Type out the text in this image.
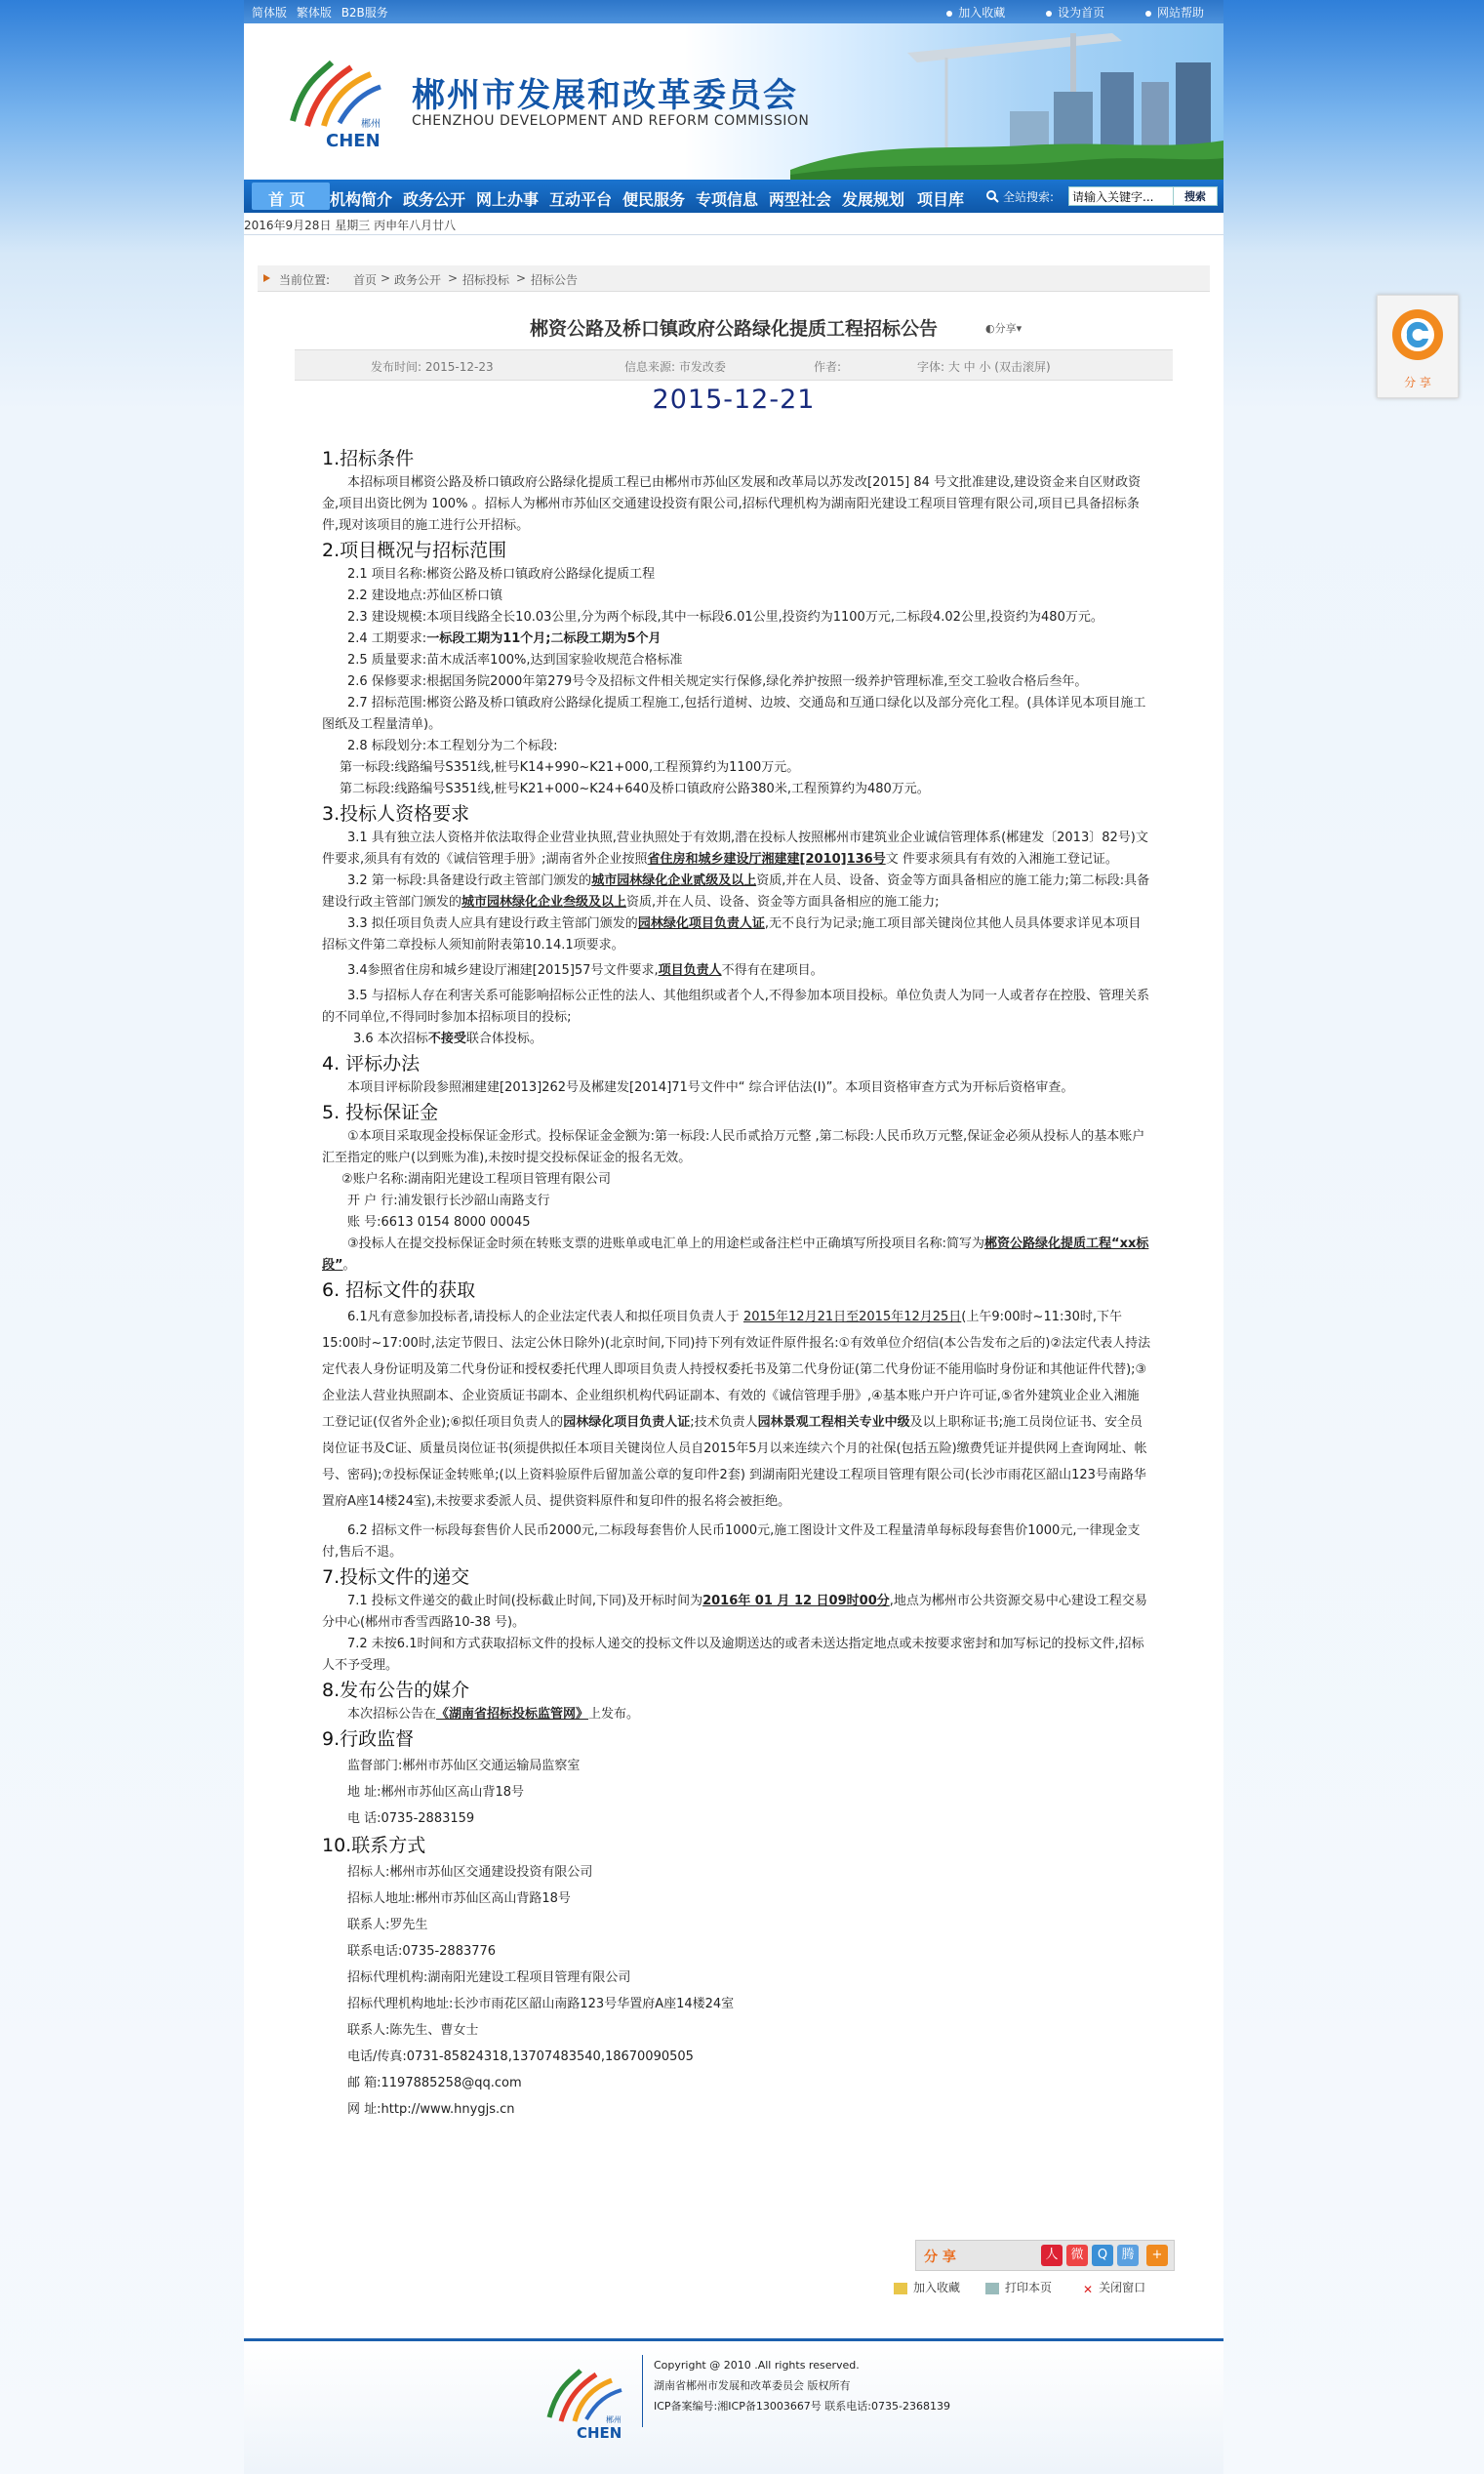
分 享
简体版 繁体版 B2B服务	加入收藏	设为首页	网站帮助
CHEN
郴州
郴州市发展和改革委员会
CHENZHOU DEVELOPMENT AND REFORM COMMISSION
首 页 机构简介 政务公开 网上办事 互动平台 便民服务 专项信息 两型社会 发展规划 项目库	全站搜索:
请输入关键字...	搜索
2016年9月28日 星期三 丙申年八月廿八
当前位置: 首页 > 政务公开 > 招标投标 > 招标公告
郴资公路及桥口镇政府公路绿化提质工程招标公告	◐分享▾
发布时间: 2015-12-23	信息来源: 市发改委	作者:	字体: 大 中 小 (双击滚屏)
2015-12-21
1.招标条件

本招标项目郴资公路及桥口镇政府公路绿化提质工程已由郴州市苏仙区发展和改革局以苏发改[2015] 84 号文批准建设,建设资金来自区财政资金,项目出资比例为 100% 。招标人为郴州市苏仙区交通建设投资有限公司,招标代理机构为湖南阳光建设工程项目管理有限公司,项目已具备招标条件,现对该项目的施工进行公开招标。

2.项目概况与招标范围

2.1 项目名称:郴资公路及桥口镇政府公路绿化提质工程

2.2 建设地点:苏仙区桥口镇

2.3 建设规模:本项目线路全长10.03公里,分为两个标段,其中一标段6.01公里,投资约为1100万元,二标段4.02公里,投资约为480万元。

2.4 工期要求:一标段工期为11个月;二标段工期为5个月

2.5 质量要求:苗木成活率100%,达到国家验收规范合格标准

2.6 保修要求:根据国务院2000年第279号令及招标文件相关规定实行保修,绿化养护按照一级养护管理标准,至交工验收合格后叁年。

2.7 招标范围:郴资公路及桥口镇政府公路绿化提质工程施工,包括行道树、边坡、交通岛和互通口绿化以及部分亮化工程。(具体详见本项目施工图纸及工程量清单)。

2.8 标段划分:本工程划分为二个标段:

第一标段:线路编号S351线,桩号K14+990~K21+000,工程预算约为1100万元。

第二标段:线路编号S351线,桩号K21+000~K24+640及桥口镇政府公路380米,工程预算约为480万元。

3.投标人资格要求

3.1 具有独立法人资格并依法取得企业营业执照,营业执照处于有效期,潜在投标人按照郴州市建筑业企业诚信管理体系(郴建发〔2013〕82号)文件要求,须具有有效的《诚信管理手册》;湖南省外企业按照省住房和城乡建设厅湘建建[2010]136号文 件要求须具有有效的入湘施工登记证。

3.2 第一标段:具备建设行政主管部门颁发的城市园林绿化企业贰级及以上资质,并在人员、设备、资金等方面具备相应的施工能力;第二标段:具备建设行政主管部门颁发的城市园林绿化企业叁级及以上资质,并在人员、设备、资金等方面具备相应的施工能力;

3.3 拟任项目负责人应具有建设行政主管部门颁发的园林绿化项目负责人证,无不良行为记录;施工项目部关键岗位其他人员具体要求详见本项目招标文件第二章投标人须知前附表第10.14.1项要求。

3.4参照省住房和城乡建设厅湘建[2015]57号文件要求,项目负责人不得有在建项目。

3.5 与招标人存在利害关系可能影响招标公正性的法人、其他组织或者个人,不得参加本项目投标。单位负责人为同一人或者存在控股、管理关系的不同单位,不得同时参加本招标项目的投标;

3.6 本次招标不接受联合体投标。

4. 评标办法

本项目评标阶段参照湘建建[2013]262号及郴建发[2014]71号文件中“ 综合评估法(I)”。本项目资格审查方式为开标后资格审查。

5. 投标保证金

①本项目采取现金投标保证金形式。投标保证金金额为:第一标段:人民币贰拾万元整 ,第二标段:人民币玖万元整,保证金必须从投标人的基本账户汇至指定的账户(以到账为准),未按时提交投标保证金的报名无效。

②账户名称:湖南阳光建设工程项目管理有限公司

开 户 行:浦发银行长沙韶山南路支行

账 号:6613 0154 8000 00045

③投标人在提交投标保证金时须在转账支票的进账单或电汇单上的用途栏或备注栏中正确填写所投项目名称:简写为郴资公路绿化提质工程“xx标段”。

6. 招标文件的获取

6.1凡有意参加投标者,请投标人的企业法定代表人和拟任项目负责人于 2015年12月21日至2015年12月25日(上午9:00时~11:30时,下午15:00时~17:00时,法定节假日、法定公休日除外)(北京时间,下同)持下列有效证件原件报名:①有效单位介绍信(本公告发布之后的)②法定代表人持法定代表人身份证明及第二代身份证和授权委托代理人即项目负责人持授权委托书及第二代身份证(第二代身份证不能用临时身份证和其他证件代替);③企业法人营业执照副本、企业资质证书副本、企业组织机构代码证副本、有效的《诚信管理手册》,④基本账户开户许可证,⑤省外建筑业企业入湘施工登记证(仅省外企业);⑥拟任项目负责人的园林绿化项目负责人证;技术负责人园林景观工程相关专业中级及以上职称证书;施工员岗位证书、安全员岗位证书及C证、质量员岗位证书(须提供拟任本项目关键岗位人员自2015年5月以来连续六个月的社保(包括五险)缴费凭证并提供网上查询网址、帐号、密码);⑦投标保证金转账单;(以上资料验原件后留加盖公章的复印件2套) 到湖南阳光建设工程项目管理有限公司(长沙市雨花区韶山123号南路华置府A座14楼24室),未按要求委派人员、提供资料原件和复印件的报名将会被拒绝。

6.2 招标文件一标段每套售价人民币2000元,二标段每套售价人民币1000元,施工图设计文件及工程量清单每标段每套售价1000元,一律现金支付,售后不退。

7.投标文件的递交

7.1 投标文件递交的截止时间(投标截止时间,下同)及开标时间为2016年 01 月 12 日09时00分,地点为郴州市公共资源交易中心建设工程交易分中心(郴州市香雪西路10-38 号)。

7.2 未按6.1时间和方式获取招标文件的投标人递交的投标文件以及逾期送达的或者未送达指定地点或未按要求密封和加写标记的投标文件,招标人不予受理。

8.发布公告的媒介

本次招标公告在《湖南省招标投标监管网》上发布。

9.行政监督

监督部门:郴州市苏仙区交通运输局监察室

地 址:郴州市苏仙区高山背18号

电 话:0735-2883159

10.联系方式

招标人:郴州市苏仙区交通建设投资有限公司

招标人地址:郴州市苏仙区高山背路18号

联系人:罗先生

联系电话:0735-2883776

招标代理机构:湖南阳光建设工程项目管理有限公司

招标代理机构地址:长沙市雨花区韶山南路123号华置府A座14楼24室

联系人:陈先生、曹女士

电话/传真:0731-85824318,13707483540,18670090505

邮 箱:1197885258@qq.com

网 址:http://www.hnygjs.cn

分 享	人 微	Q	腾	+
加入收藏	打印本页	✕ 关闭窗口
CHEN
郴州
Copyright @ 2010 .All rights reserved.
湖南省郴州市发展和改革委员会 版权所有
ICP备案编号:湘ICP备13003667号 联系电话:0735-2368139
